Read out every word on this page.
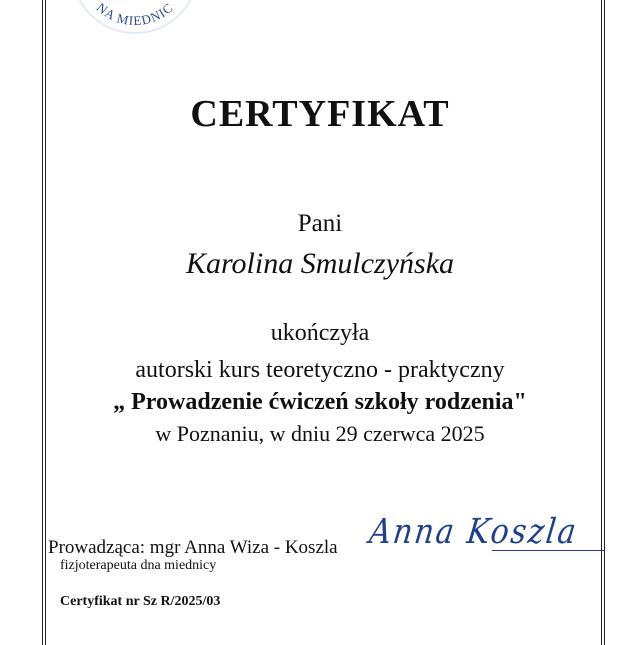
NA MIEDNIC
CERTYFIKAT
Pani
Karolina Smulczyńska
ukończyła
autorski kurs teoretyczno - praktyczny
„ Prowadzenie ćwiczeń szkoły rodzenia"
w Poznaniu, w dniu 29 czerwca 2025
Prowadząca: mgr Anna Wiza - Koszla
fizjoterapeuta dna miednicy
Certyfikat nr Sz R/2025/03
Anna Koszla
